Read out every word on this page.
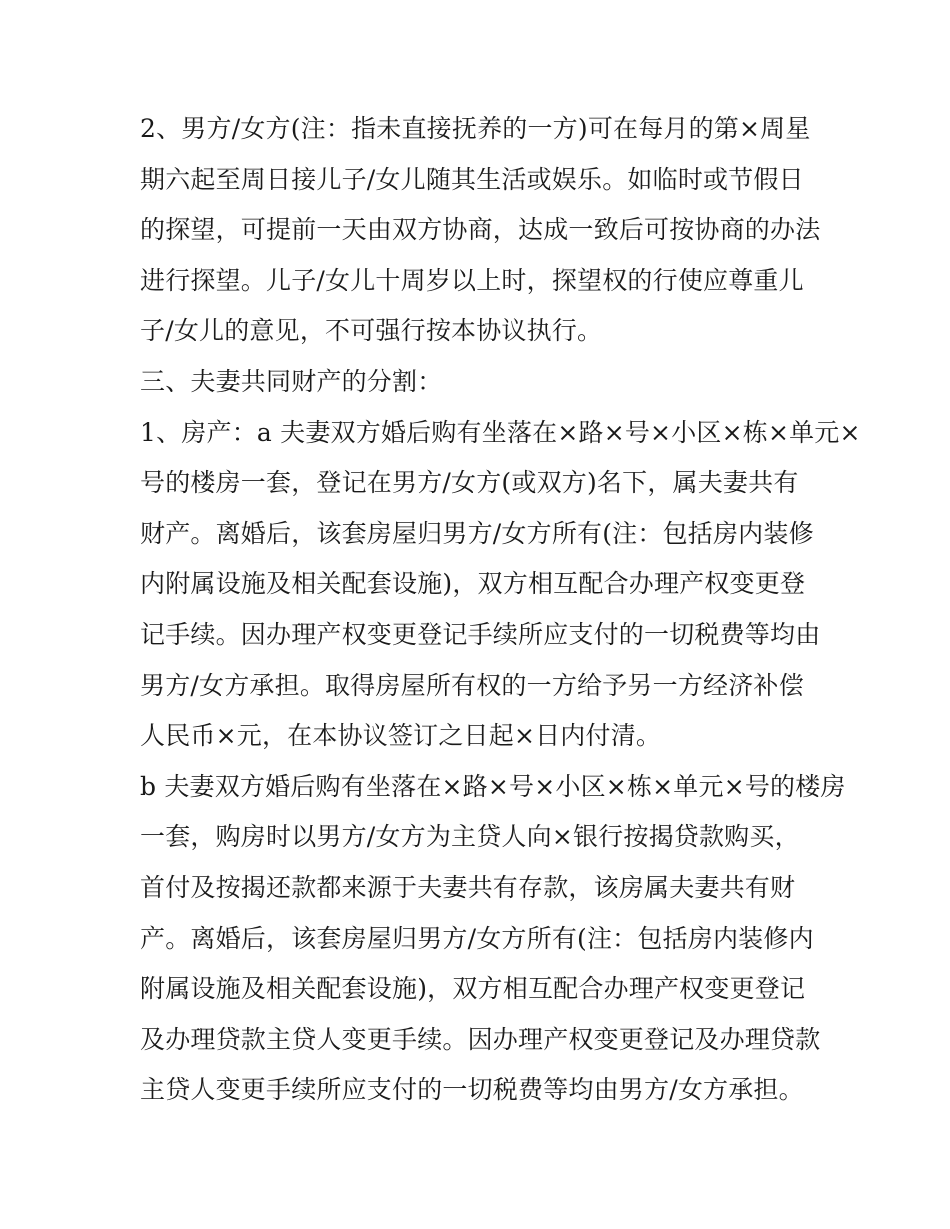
2、男方/女方(注：指未直接抚养的一方)可在每月的第×周星
期六起至周日接儿子/女儿随其生活或娱乐。如临时或节假日
的探望，可提前一天由双方协商，达成一致后可按协商的办法
进行探望。儿子/女儿十周岁以上时，探望权的行使应尊重儿
子/女儿的意见，不可强行按本协议执行。
三、夫妻共同财产的分割：
1、房产：a 夫妻双方婚后购有坐落在×路×号×小区×栋×单元×
号的楼房一套，登记在男方/女方(或双方)名下，属夫妻共有
财产。离婚后，该套房屋归男方/女方所有(注：包括房内装修
内附属设施及相关配套设施)，双方相互配合办理产权变更登
记手续。因办理产权变更登记手续所应支付的一切税费等均由
男方/女方承担。取得房屋所有权的一方给予另一方经济补偿
人民币×元，在本协议签订之日起×日内付清。
b 夫妻双方婚后购有坐落在×路×号×小区×栋×单元×号的楼房
一套，购房时以男方/女方为主贷人向×银行按揭贷款购买，
首付及按揭还款都来源于夫妻共有存款，该房属夫妻共有财
产。离婚后，该套房屋归男方/女方所有(注：包括房内装修内
附属设施及相关配套设施)，双方相互配合办理产权变更登记
及办理贷款主贷人变更手续。因办理产权变更登记及办理贷款
主贷人变更手续所应支付的一切税费等均由男方/女方承担。
